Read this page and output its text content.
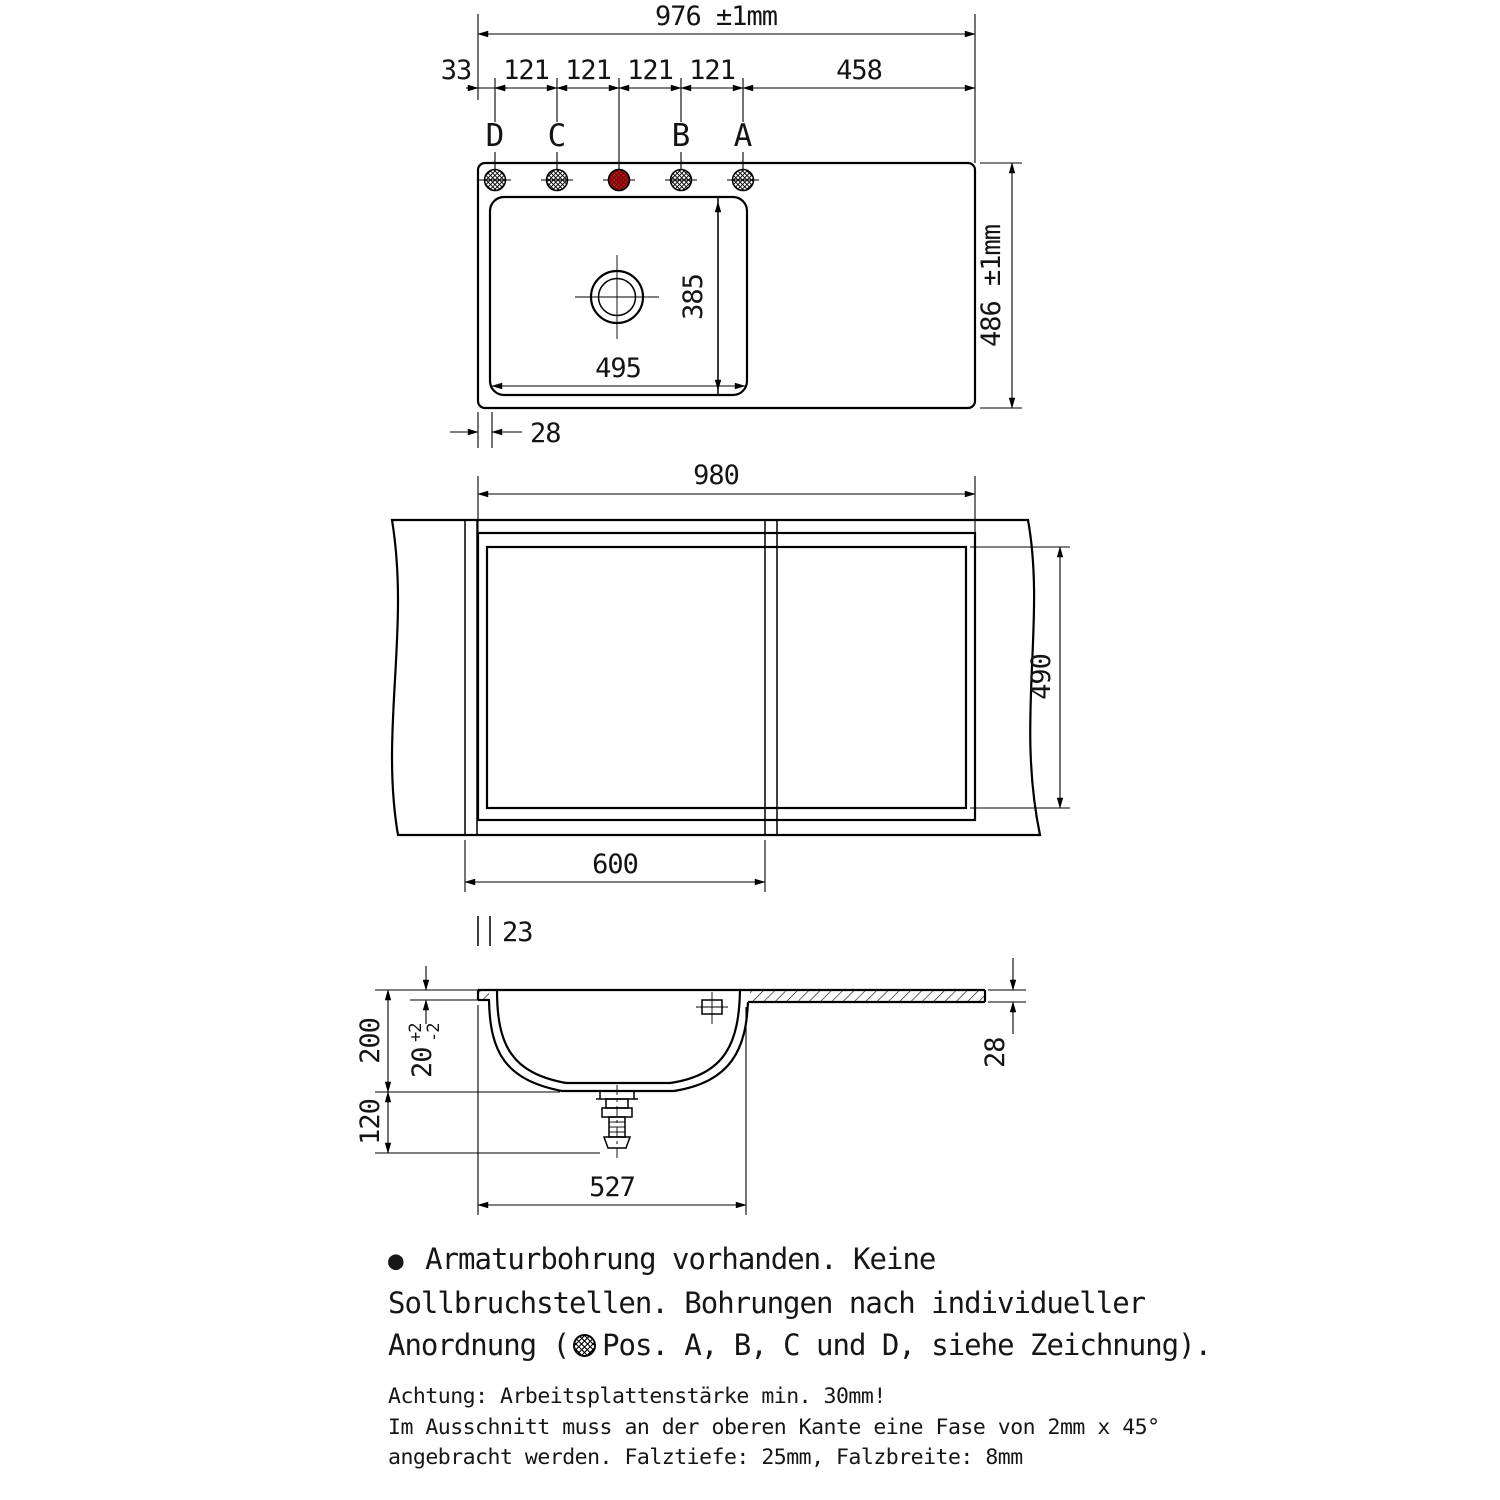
976 ±1mm
33 121 121 121 121	458
D C	B A
385
495
486 ±1mm
28
980
490
600
23
200 20
+2
-2
120
527
28

● Armaturbohrung vorhanden. Keine

Sollbruchstellen. Bohrungen nach individueller

Anordnung ( Pos. A, B, C und D, siehe Zeichnung).

Achtung: Arbeitsplattenstärke min. 30mm!

Im Ausschnitt muss an der oberen Kante eine Fase von 2mm x 45°

angebracht werden. Falztiefe: 25mm, Falzbreite: 8mm
